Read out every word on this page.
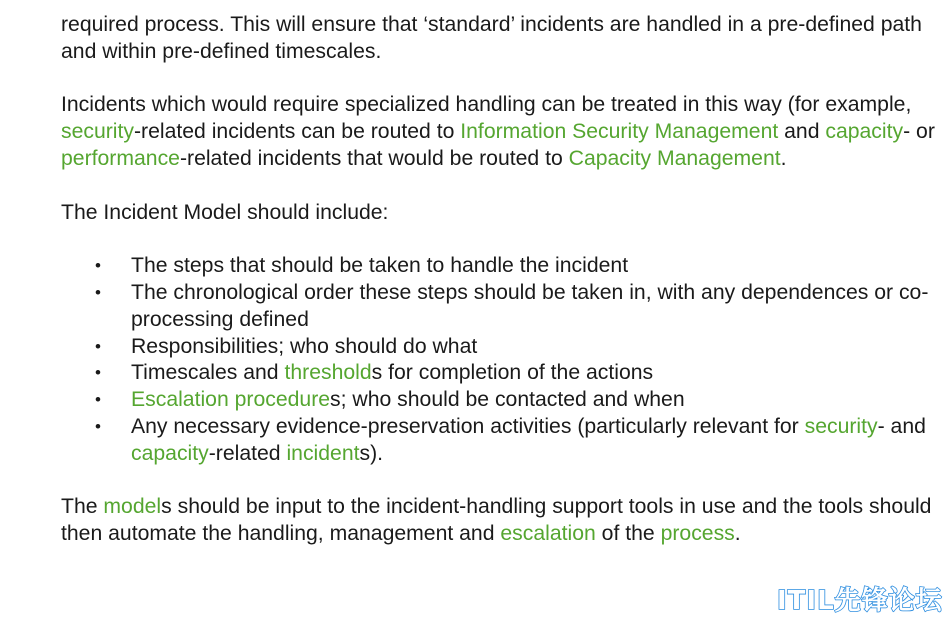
required process. This will ensure that ‘standard’ incidents are handled in a pre-defined path and within pre-defined timescales.

Incidents which would require specialized handling can be treated in this way (for example, security-related incidents can be routed to Information Security Management and capacity- or performance-related incidents that would be routed to Capacity Management.

The Incident Model should include:

• The steps that should be taken to handle the incident
• The chronological order these steps should be taken in, with any dependences or co-processing defined
• Responsibilities; who should do what
• Timescales and thresholds for completion of the actions
• Escalation procedures; who should be contacted and when
• Any necessary evidence-preservation activities (particularly relevant for security- and capacity-related incidents).

The models should be input to the incident-handling support tools in use and the tools should then automate the handling, management and escalation of the process.

ITIL先锋论坛
